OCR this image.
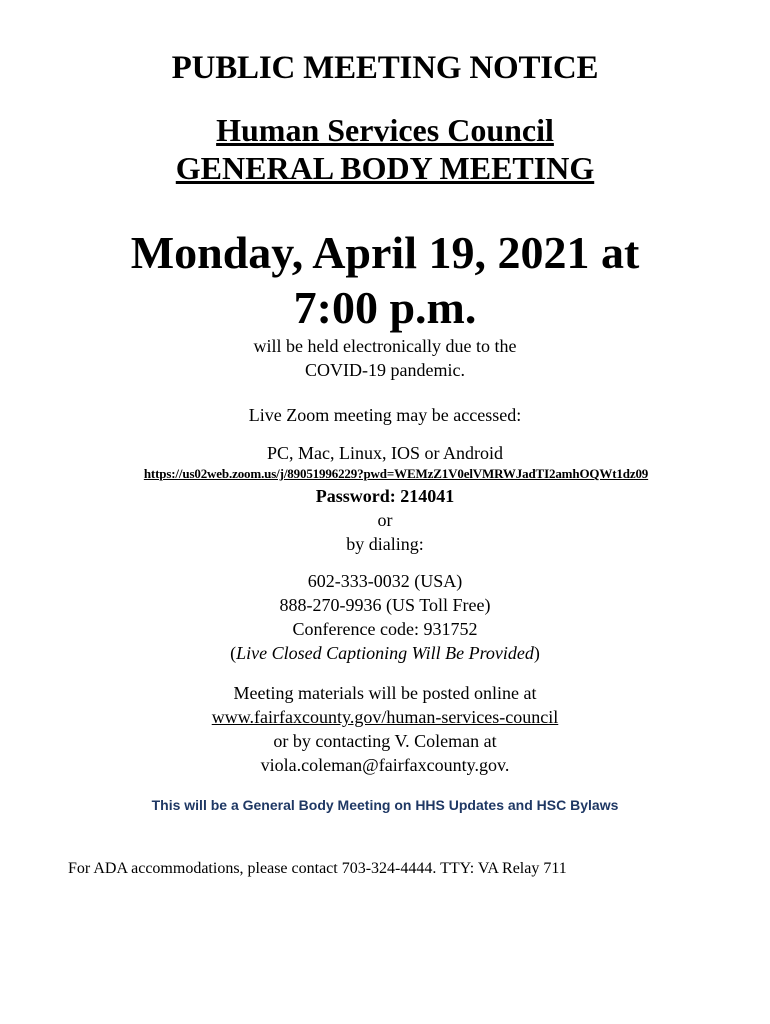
PUBLIC MEETING NOTICE
Human Services Council
GENERAL BODY MEETING
Monday, April 19, 2021 at
7:00 p.m.
will be held electronically due to the
COVID-19 pandemic.
Live Zoom meeting may be accessed:
PC, Mac, Linux, IOS or Android
https://us02web.zoom.us/j/89051996229?pwd=WEMzZ1V0elVMRWJadTI2amhOQWt1dz09
Password: 214041
or
by dialing:
602-333-0032 (USA)
888-270-9936 (US Toll Free)
Conference code: 931752
(Live Closed Captioning Will Be Provided)
Meeting materials will be posted online at
www.fairfaxcounty.gov/human-services-council
or by contacting V. Coleman at
viola.coleman@fairfaxcounty.gov.
This will be a General Body Meeting on HHS Updates and HSC Bylaws
For ADA accommodations, please contact 703-324-4444. TTY: VA Relay 711
